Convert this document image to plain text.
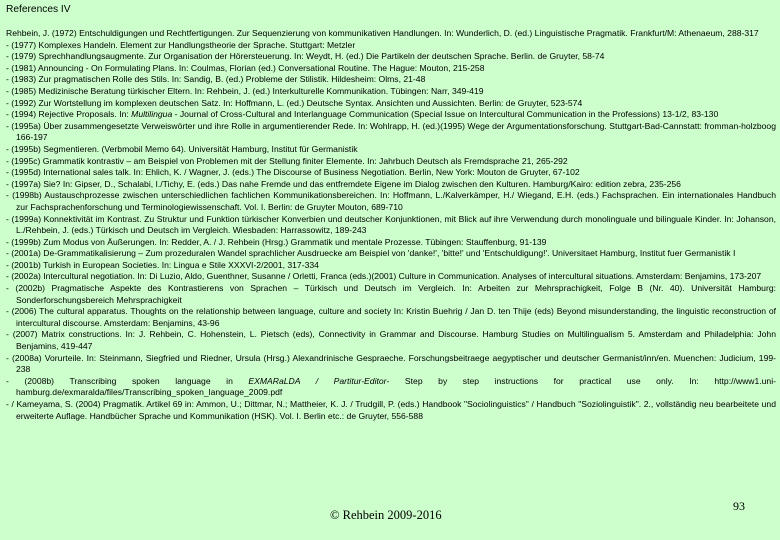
References IV
Rehbein, J. (1972) Entschuldigungen und Rechtfertigungen. Zur Sequenzierung von kommunikativen Handlungen. In: Wunderlich, D. (ed.) Linguistische Pragmatik. Frankfurt/M: Athenaeum, 288-317
- (1977) Komplexes Handeln. Element zur Handlungstheorie der Sprache. Stuttgart: Metzler
- (1979) Sprechhandlungsaugmente. Zur Organisation der Hörersteuerung. In: Weydt, H. (ed.) Die Partikeln der deutschen Sprache. Berlin. de Gruyter, 58-74
- (1981) Announcing - On Formulating Plans. In: Coulmas, Florian (ed.) Conversational Routine. The Hague: Mouton, 215-258
- (1983) Zur pragmatischen Rolle des Stils. In: Sandig, B. (ed.) Probleme der Stilistik. Hildesheim: Olms, 21-48
- (1985) Medizinische Beratung türkischer Eltern. In: Rehbein, J. (ed.) Interkulturelle Kommunikation. Tübingen: Narr, 349-419
- (1992) Zur Wortstellung im komplexen deutschen Satz. In: Hoffmann, L. (ed.) Deutsche Syntax. Ansichten und Aussichten. Berlin: de Gruyter, 523-574
- (1994) Rejective Proposals. In: Multilingua - Journal of Cross-Cultural and Interlanguage Communication (Special Issue on Intercultural Communication in the Professions) 13-1/2, 83-130
- (1995a) Über zusammengesetzte Verweiswörter und ihre Rolle in argumentierender Rede. In: Wohlrapp, H. (ed.)(1995) Wege der Argumentationsforschung. Stuttgart-Bad-Cannstatt: fromman-holzboog 166-197
- (1995b) Segmentieren. (Verbmobil Memo 64). Universität Hamburg, Institut für Germanistik
- (1995c) Grammatik kontrastiv – am Beispiel von Problemen mit der Stellung finiter Elemente. In: Jahrbuch Deutsch als Fremdsprache 21, 265-292
- (1995d) International sales talk. In: Ehlich, K. / Wagner, J. (eds.) The Discourse of Business Negotiation. Berlin, New York: Mouton de Gruyter, 67-102
- (1997a) Sie? In: Gipser, D., Schalabi, I./Tichy, E. (eds.) Das nahe Fremde und das entfremdete Eigene im Dialog zwischen den Kulturen. Hamburg/Kairo: edition zebra, 235-256
- (1998b) Austauschprozesse zwischen unterschiedlichen fachlichen Kommunikationsbereichen. In: Hoffmann, L./Kalverkämper, H./ Wiegand, E.H. (eds.) Fachsprachen. Ein internationales Handbuch zur Fachsprachenforschung und Terminologiewissenschaft. Vol. I. Berlin: de Gruyter Mouton, 689-710
- (1999a) Konnektivität im Kontrast. Zu Struktur und Funktion türkischer Konverbien und deutscher Konjunktionen, mit Blick auf ihre Verwendung durch monolinguale und bilinguale Kinder. In: Johanson, L./Rehbein, J. (eds.) Türkisch und Deutsch im Vergleich. Wiesbaden: Harrassowitz, 189-243
- (1999b) Zum Modus von Äußerungen. In: Redder, A. / J. Rehbein (Hrsg.) Grammatik und mentale Prozesse. Tübingen: Stauffenburg, 91-139
- (2001a) De-Grammatikalisierung – Zum prozeduralen Wandel sprachlicher Ausdruecke am Beispiel von 'danke!', 'bitte!' und 'Entschuldigung!'. Universitaet Hamburg, Institut fuer Germanistik I
- (2001b) Turkish in European Societies. In: Lingua e Stile XXXVI-2/2001, 317-334
- (2002a) Intercultural negotiation. In: Di Luzio, Aldo, Guenthner, Susanne / Orletti, Franca (eds.)(2001) Culture in Communication. Analyses of intercultural situations. Amsterdam: Benjamins, 173-207
- (2002b) Pragmatische Aspekte des Kontrastierens von Sprachen – Türkisch und Deutsch im Vergleich. In: Arbeiten zur Mehrsprachigkeit, Folge B (Nr. 40). Universität Hamburg: Sonderforschungsbereich Mehrsprachigkeit
- (2006) The cultural apparatus. Thoughts on the relationship between language, culture and society In: Kristin Buehrig / Jan D. ten Thije (eds) Beyond misunderstanding, the linguistic reconstruction of intercultural discourse. Amsterdam: Benjamins, 43-96
- (2007) Matrix constructions. In: J. Rehbein, C. Hohenstein, L. Pietsch (eds), Connectivity in Grammar and Discourse. Hamburg Studies on Multilingualism 5. Amsterdam and Philadelphia: John Benjamins, 419-447
- (2008a) Vorurteile. In: Steinmann, Siegfried und Riedner, Ursula (Hrsg.) Alexandrinische Gespraeche. Forschungsbeitraege aegyptischer und deutscher Germanist/inn/en. Muenchen: Judicium, 199-238
- (2008b) Transcribing spoken language in EXMARaLDA / Partitur-Editor- Step by step instructions for practical use only. In: http://www1.uni-hamburg.de/exmaralda/files/Transcribing_spoken_language_2009.pdf
- / Kameyama, S. (2004) Pragmatik. Artikel 69 in: Ammon, U.; Dittmar, N.; Mattheier, K. J. / Trudgill, P. (eds.) Handbook "Sociolinguistics" / Handbuch "Soziolinguistik". 2., vollständig neu bearbeitete und erweiterte Auflage. Handbücher Sprache und Kommunikation (HSK). Vol. I. Berlin etc.: de Gruyter, 556-588
© Rehbein 2009-2016
93
